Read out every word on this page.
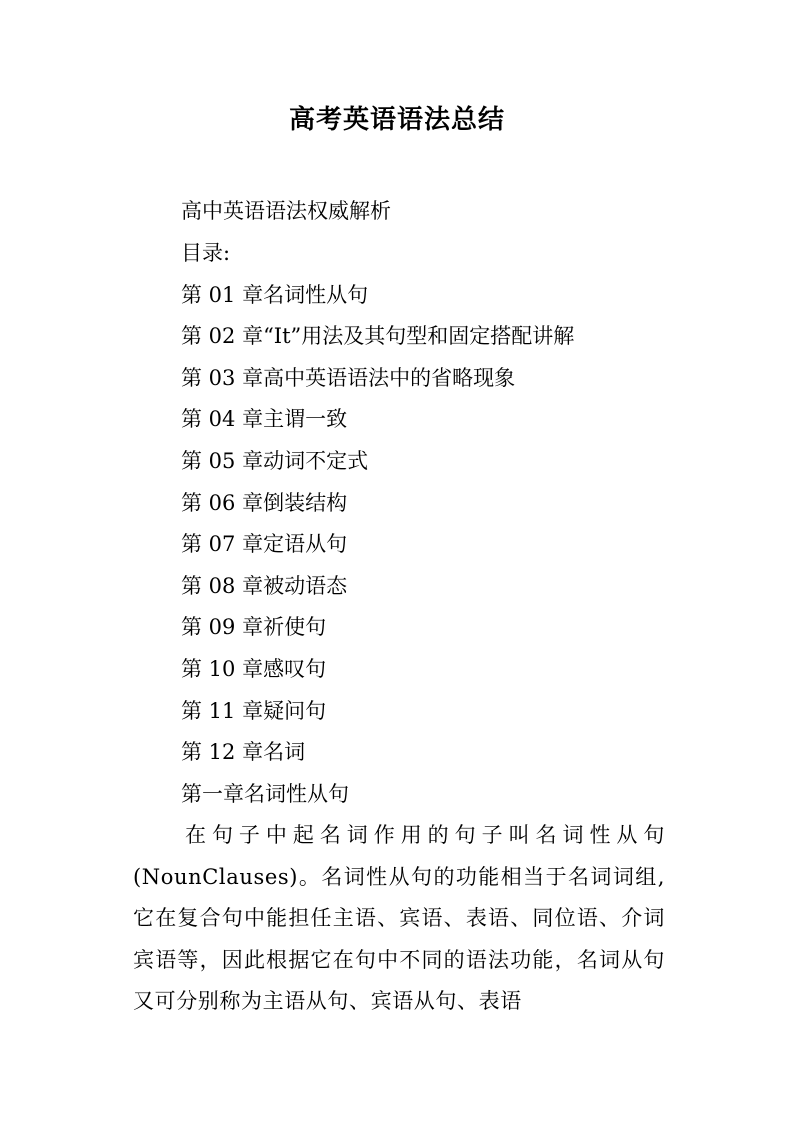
高考英语语法总结
高中英语语法权威解析
目录:
第 01 章名词性从句
第 02 章“It”用法及其句型和固定搭配讲解
第 03 章高中英语语法中的省略现象
第 04 章主谓一致
第 05 章动词不定式
第 06 章倒装结构
第 07 章定语从句
第 08 章被动语态
第 09 章祈使句
第 10 章感叹句
第 11 章疑问句
第 12 章名词
第一章名词性从句
在句子中起名词作用的句子叫名词性从句(NounClauses)。名词性从句的功能相当于名词词组,它在复合句中能担任主语、宾语、表语、同位语、介词宾语等，因此根据它在句中不同的语法功能，名词从句又可分别称为主语从句、宾语从句、表语
